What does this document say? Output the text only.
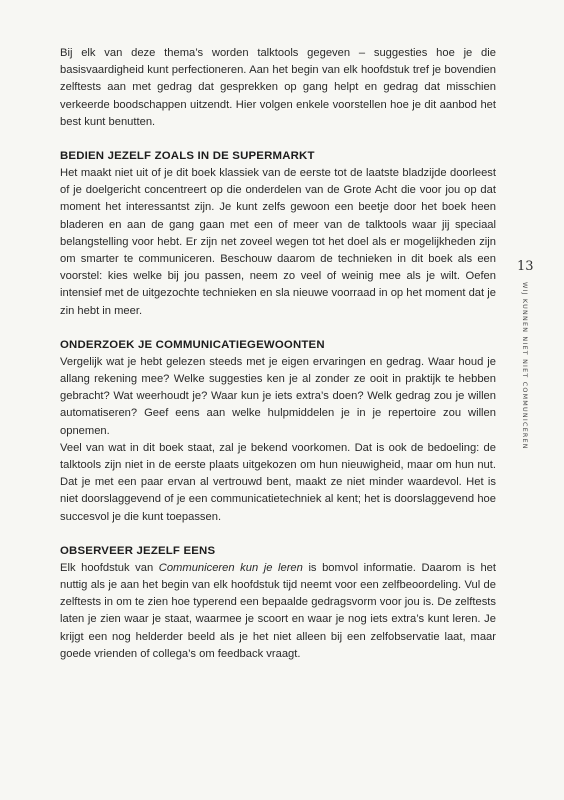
Bij elk van deze thema’s worden talktools gegeven – suggesties hoe je die basisvaardigheid kunt perfectioneren. Aan het begin van elk hoofdstuk tref je bovendien zelftests aan met gedrag dat gesprekken op gang helpt en gedrag dat misschien verkeerde boodschappen uitzendt. Hier volgen enkele voorstellen hoe je dit aanbod het best kunt benutten.

BEDIEN JEZELF ZOALS IN DE SUPERMARKT

Het maakt niet uit of je dit boek klassiek van de eerste tot de laatste bladzijde doorleest of je doelgericht concentreert op die onderdelen van de Grote Acht die voor jou op dat moment het interessantst zijn. Je kunt zelfs gewoon een beetje door het boek heen bladeren en aan de gang gaan met een of meer van de talktools waar jij speciaal belangstelling voor hebt. Er zijn net zoveel wegen tot het doel als er mogelijkheden zijn om smarter te communiceren. Beschouw daarom de technieken in dit boek als een voorstel: kies welke bij jou passen, neem zo veel of weinig mee als je wilt. Oefen intensief met de uitgezochte technieken en sla nieuwe voorraad in op het moment dat je zin hebt in meer.

ONDERZOEK JE COMMUNICATIEGEWOONTEN

Vergelijk wat je hebt gelezen steeds met je eigen ervaringen en gedrag. Waar houd je allang rekening mee? Welke suggesties ken je al zonder ze ooit in praktijk te hebben gebracht? Wat weerhoudt je? Waar kun je iets extra’s doen? Welk gedrag zou je willen automatiseren? Geef eens aan welke hulpmiddelen je in je repertoire zou willen opnemen.

Veel van wat in dit boek staat, zal je bekend voorkomen. Dat is ook de bedoeling: de talktools zijn niet in de eerste plaats uitgekozen om hun nieuwigheid, maar om hun nut. Dat je met een paar ervan al vertrouwd bent, maakt ze niet minder waardevol. Het is niet doorslaggevend of je een communicatietechniek al kent; het is doorslaggevend hoe succesvol je die kunt toepassen.

OBSERVEER JEZELF EENS

Elk hoofdstuk van Communiceren kun je leren is bomvol informatie. Daarom is het nuttig als je aan het begin van elk hoofdstuk tijd neemt voor een zelfbeoordeling. Vul de zelftests in om te zien hoe typerend een bepaalde gedragsvorm voor jou is. De zelftests laten je zien waar je staat, waarmee je scoort en waar je nog iets extra’s kunt leren. Je krijgt een nog helderder beeld als je het niet alleen bij een zelfobservatie laat, maar goede vrienden of collega’s om feedback vraagt.

13
WIJ KUNNEN NIET NIET COMMUNICEREN
